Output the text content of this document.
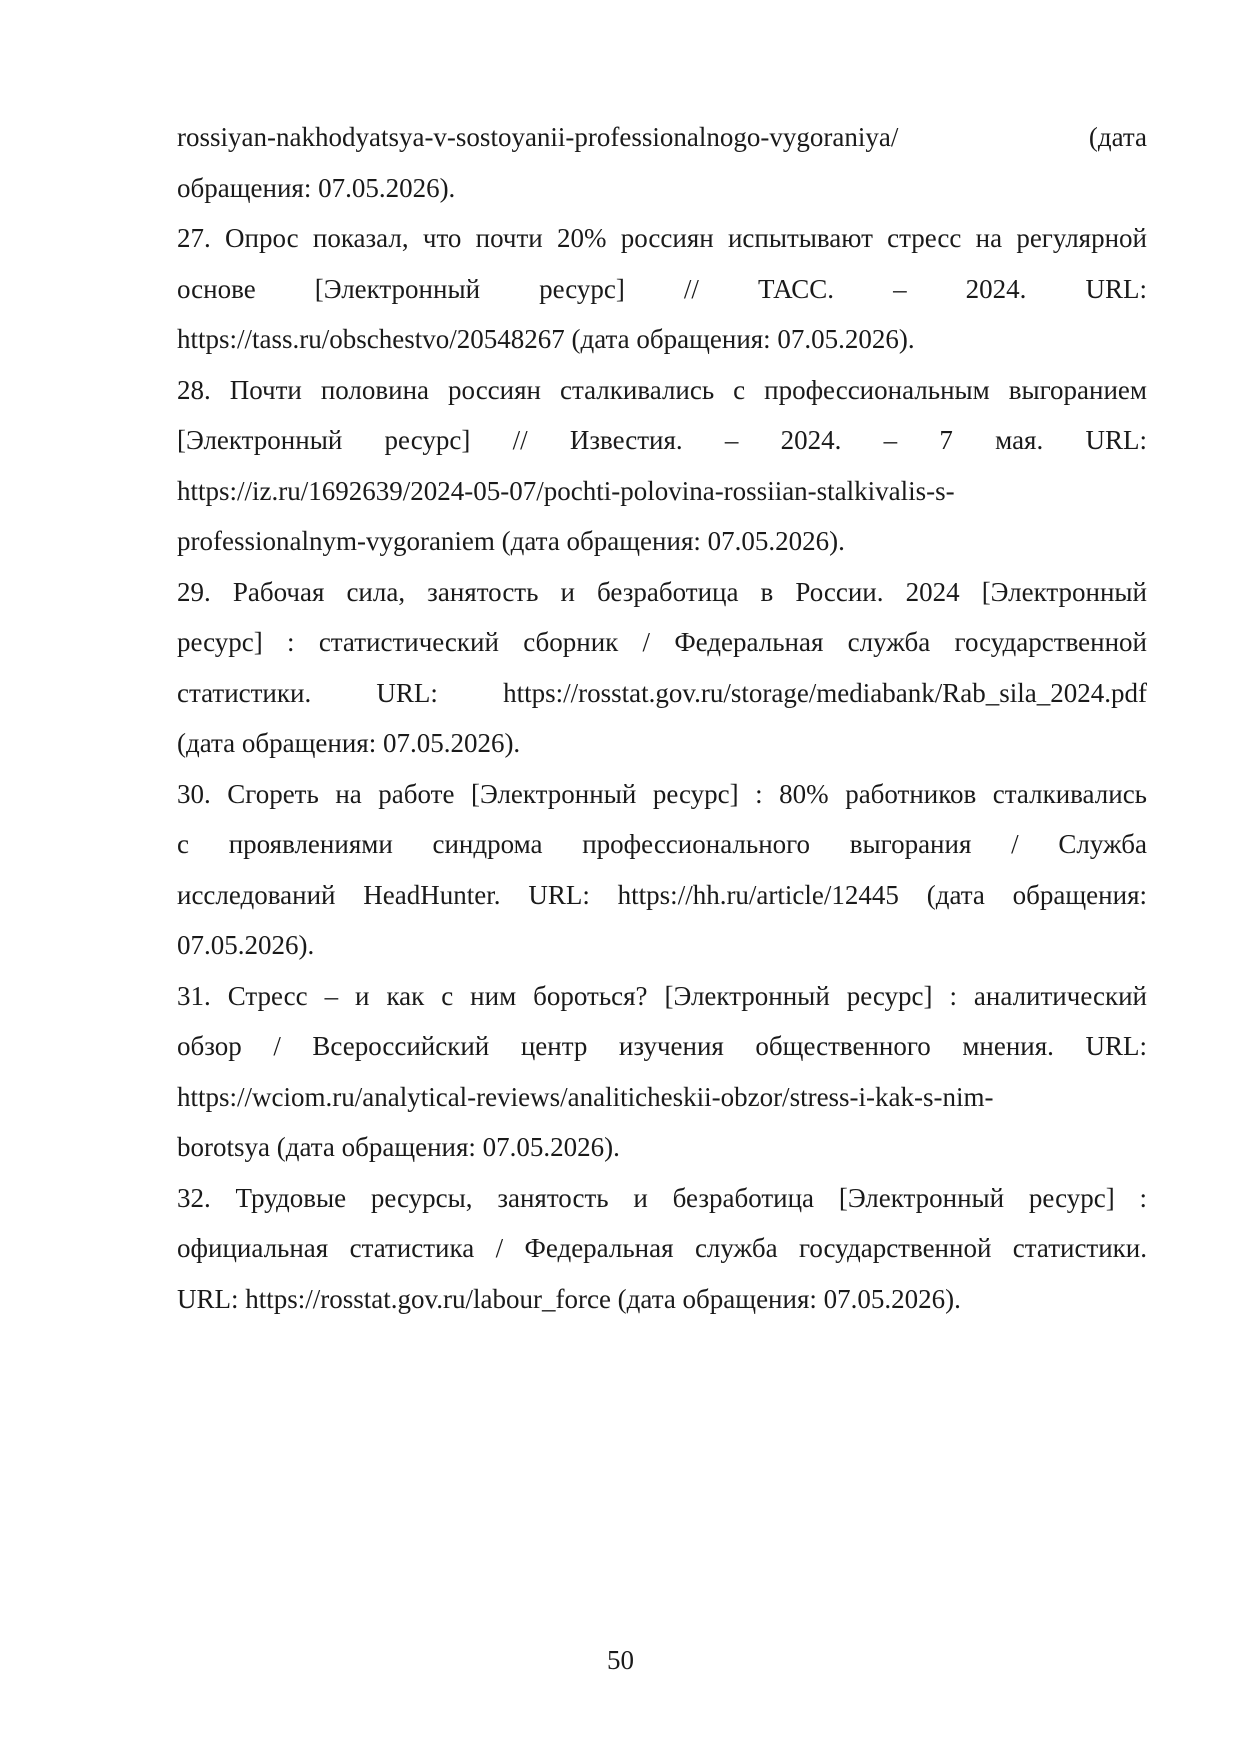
rossiyan-nakhodyatsya-v-sostoyanii-professionalnogo-vygoraniya/ (дата
обращения: 07.05.2026).

27. Опрос показал, что почти 20% россиян испытывают стресс на регулярной
основе [Электронный ресурс] // ТАСС. – 2024. URL:
https://tass.ru/obschestvo/20548267 (дата обращения: 07.05.2026).

28. Почти половина россиян сталкивались с профессиональным выгоранием
[Электронный ресурс] // Известия. – 2024. – 7 мая. URL:
https://iz.ru/1692639/2024-05-07/pochti-polovina-rossiian-stalkivalis-s-
professionalnym-vygoraniem (дата обращения: 07.05.2026).

29. Рабочая сила, занятость и безработица в России. 2024 [Электронный
ресурс] : статистический сборник / Федеральная служба государственной
статистики. URL: https://rosstat.gov.ru/storage/mediabank/Rab_sila_2024.pdf
(дата обращения: 07.05.2026).

30. Сгореть на работе [Электронный ресурс] : 80% работников сталкивались
с проявлениями синдрома профессионального выгорания / Служба
исследований HeadHunter. URL: https://hh.ru/article/12445 (дата обращения:
07.05.2026).

31. Стресс – и как с ним бороться? [Электронный ресурс] : аналитический
обзор / Всероссийский центр изучения общественного мнения. URL:
https://wciom.ru/analytical-reviews/analiticheskii-obzor/stress-i-kak-s-nim-
borotsya (дата обращения: 07.05.2026).

32. Трудовые ресурсы, занятость и безработица [Электронный ресурс] :
официальная статистика / Федеральная служба государственной статистики.
URL: https://rosstat.gov.ru/labour_force (дата обращения: 07.05.2026).

50
